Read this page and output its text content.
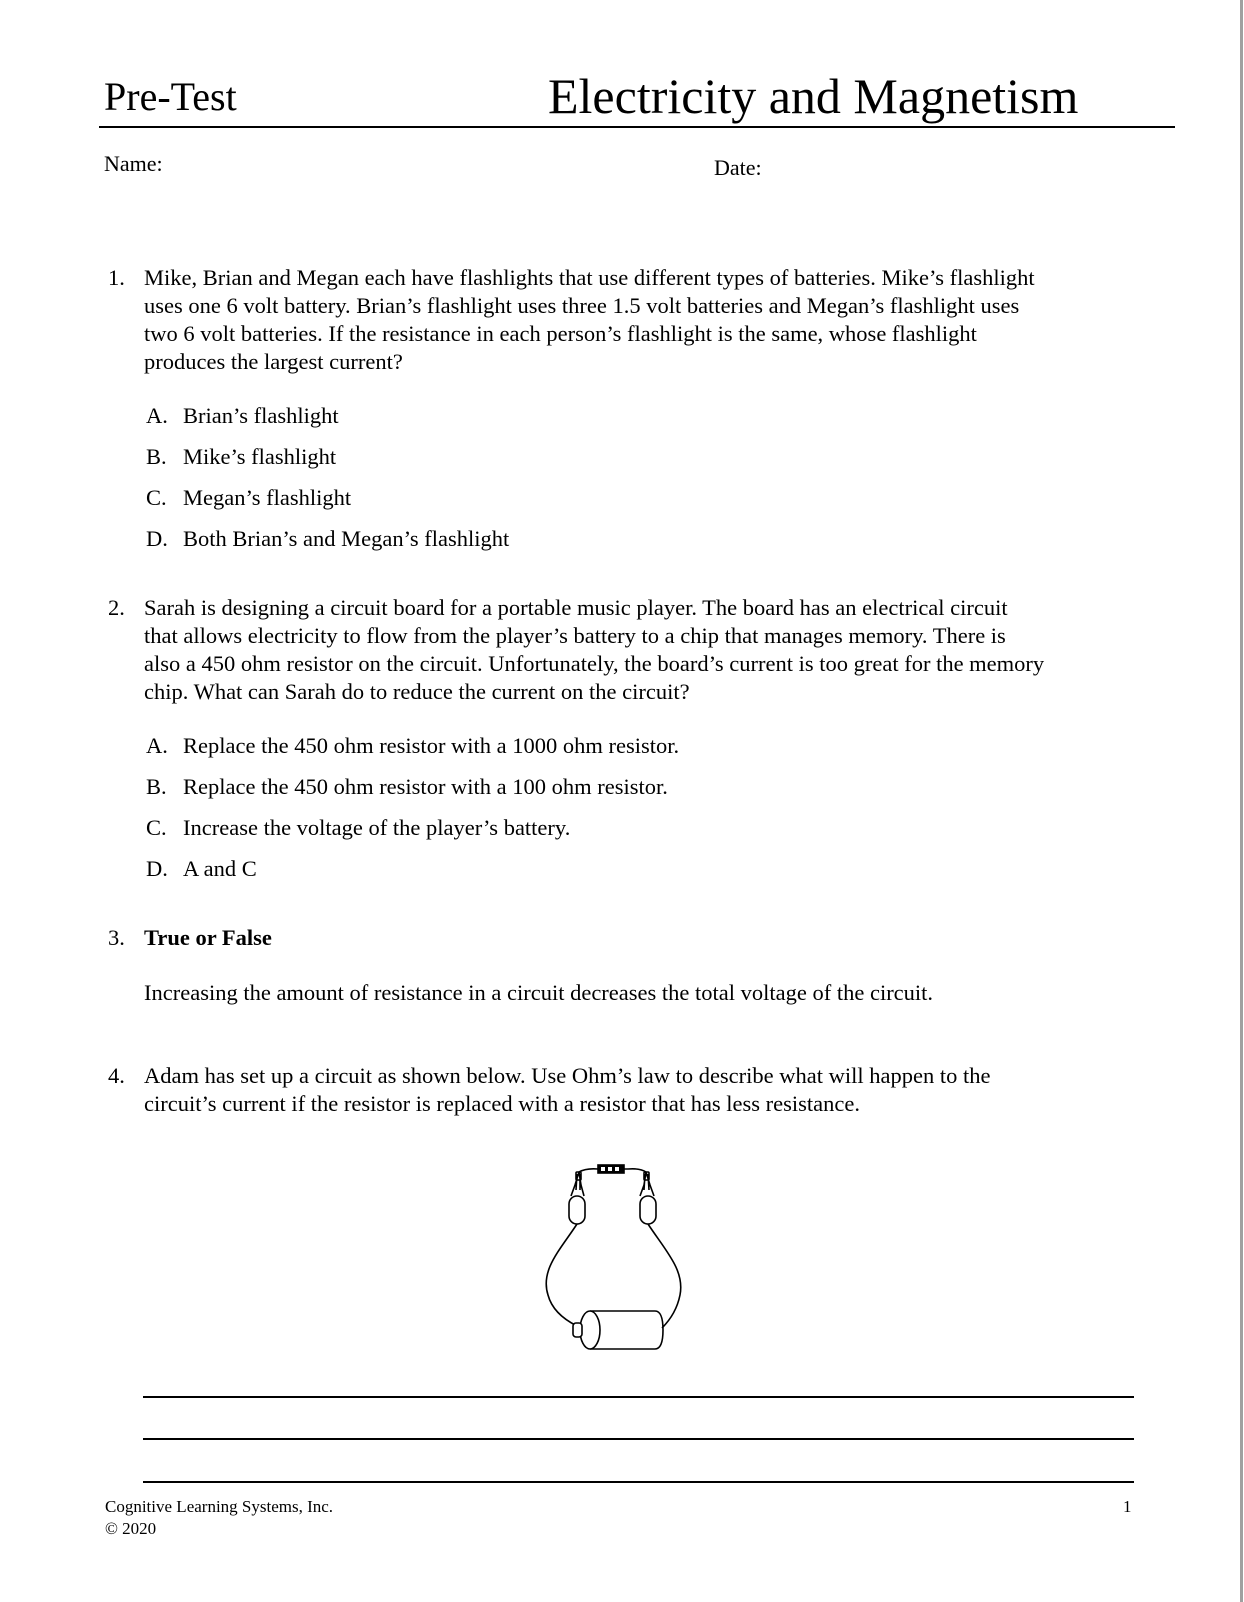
Pre-Test	Electricity and Magnetism
Name:	Date:
1. Mike, Brian and Megan each have flashlights that use different types of batteries. Mike’s flashlight
uses one 6 volt battery. Brian’s flashlight uses three 1.5 volt batteries and Megan’s flashlight uses
two 6 volt batteries. If the resistance in each person’s flashlight is the same, whose flashlight
produces the largest current?
A. Brian’s flashlight
B. Mike’s flashlight
C. Megan’s flashlight
D. Both Brian’s and Megan’s flashlight
2. Sarah is designing a circuit board for a portable music player. The board has an electrical circuit
that allows electricity to flow from the player’s battery to a chip that manages memory. There is
also a 450 ohm resistor on the circuit. Unfortunately, the board’s current is too great for the memory
chip. What can Sarah do to reduce the current on the circuit?
A. Replace the 450 ohm resistor with a 1000 ohm resistor.
B. Replace the 450 ohm resistor with a 100 ohm resistor.
C. Increase the voltage of the player’s battery.
D. A and C
3. True or False
Increasing the amount of resistance in a circuit decreases the total voltage of the circuit.
4. Adam has set up a circuit as shown below. Use Ohm’s law to describe what will happen to the
circuit’s current if the resistor is replaced with a resistor that has less resistance.
Cognitive Learning Systems, Inc.
© 2020
1
